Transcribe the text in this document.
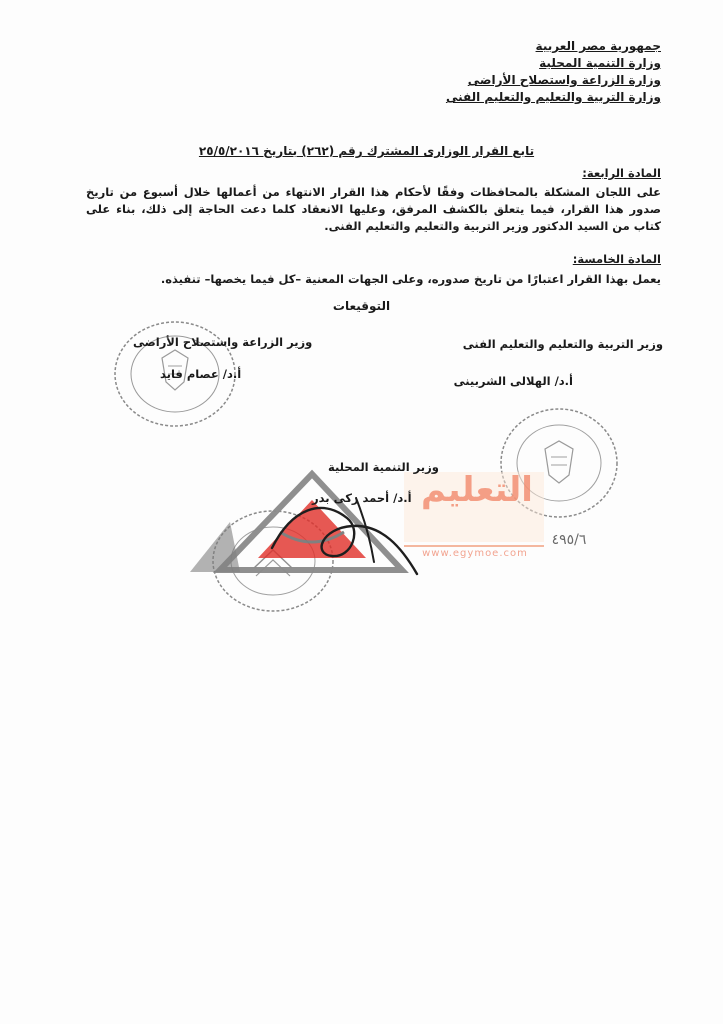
جمهورية مصر العربية
وزارة التنمية المحلية
وزارة الزراعة واستصلاح الأراضى
وزارة التربية والتعليم والتعليم الفنى
تابع القرار الوزارى المشترك رقم (٢٦٢) بتاريخ ٢٥/٥/٢٠١٦
المادة الرابعة:
على اللجان المشكلة بالمحافظات وفقًا لأحكام هذا القرار الانتهاء من أعمالها خلال أسبوع من تاريخ صدور هذا القرار، فيما يتعلق بالكشف المرفق، وعليها الانعقاد كلما دعت الحاجة إلى ذلك، بناء على كتاب من السيد الدكتور وزير التربية والتعليم والتعليم الفنى.
المادة الخامسة:
يعمل بهذا القرار اعتبارًا من تاريخ صدوره، وعلى الجهات المعنية –كل فيما يخصها– تنفيذه.
التوقيعات
التعليم
www.egymoe.com
وزير التربية والتعليم والتعليم الفنى
أ.د/ الهلالى الشربينى
وزير الزراعة واستصلاح الأراضى
أ.د/ عصام فايد
وزير التنمية المحلية
أ.د/ أحمد زكى بدر
٤٩٥/٦
